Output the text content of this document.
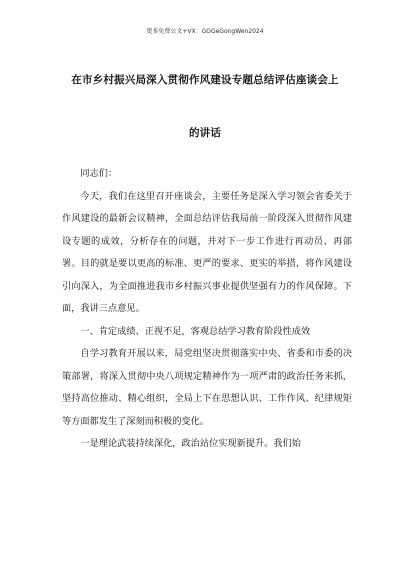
更多免费公文+VX：GGGeGongWen2024
在市乡村振兴局深入贯彻作风建设专题总结评估座谈会上
的讲话

同志们：

今天，我们在这里召开座谈会，主要任务是深入学习领会省委关于作风建设的最新会议精神，全面总结评估我局前一阶段深入贯彻作风建设专题的成效，分析存在的问题，并对下一步工作进行再动员、再部署。目的就是要以更高的标准、更严的要求、更实的举措，将作风建设引向深入，为全面推进我市乡村振兴事业提供坚强有力的作风保障。下面，我讲三点意见。

一、肯定成绩、正视不足，客观总结学习教育阶段性成效

自学习教育开展以来，局党组坚决贯彻落实中央、省委和市委的决策部署，将深入贯彻中央八项规定精神作为一项严肃的政治任务来抓，坚持高位推动、精心组织，全局上下在思想认识、工作作风、纪律规矩等方面都发生了深刻而积极的变化。

一是理论武装持续深化，政治站位实现新提升。我们始
